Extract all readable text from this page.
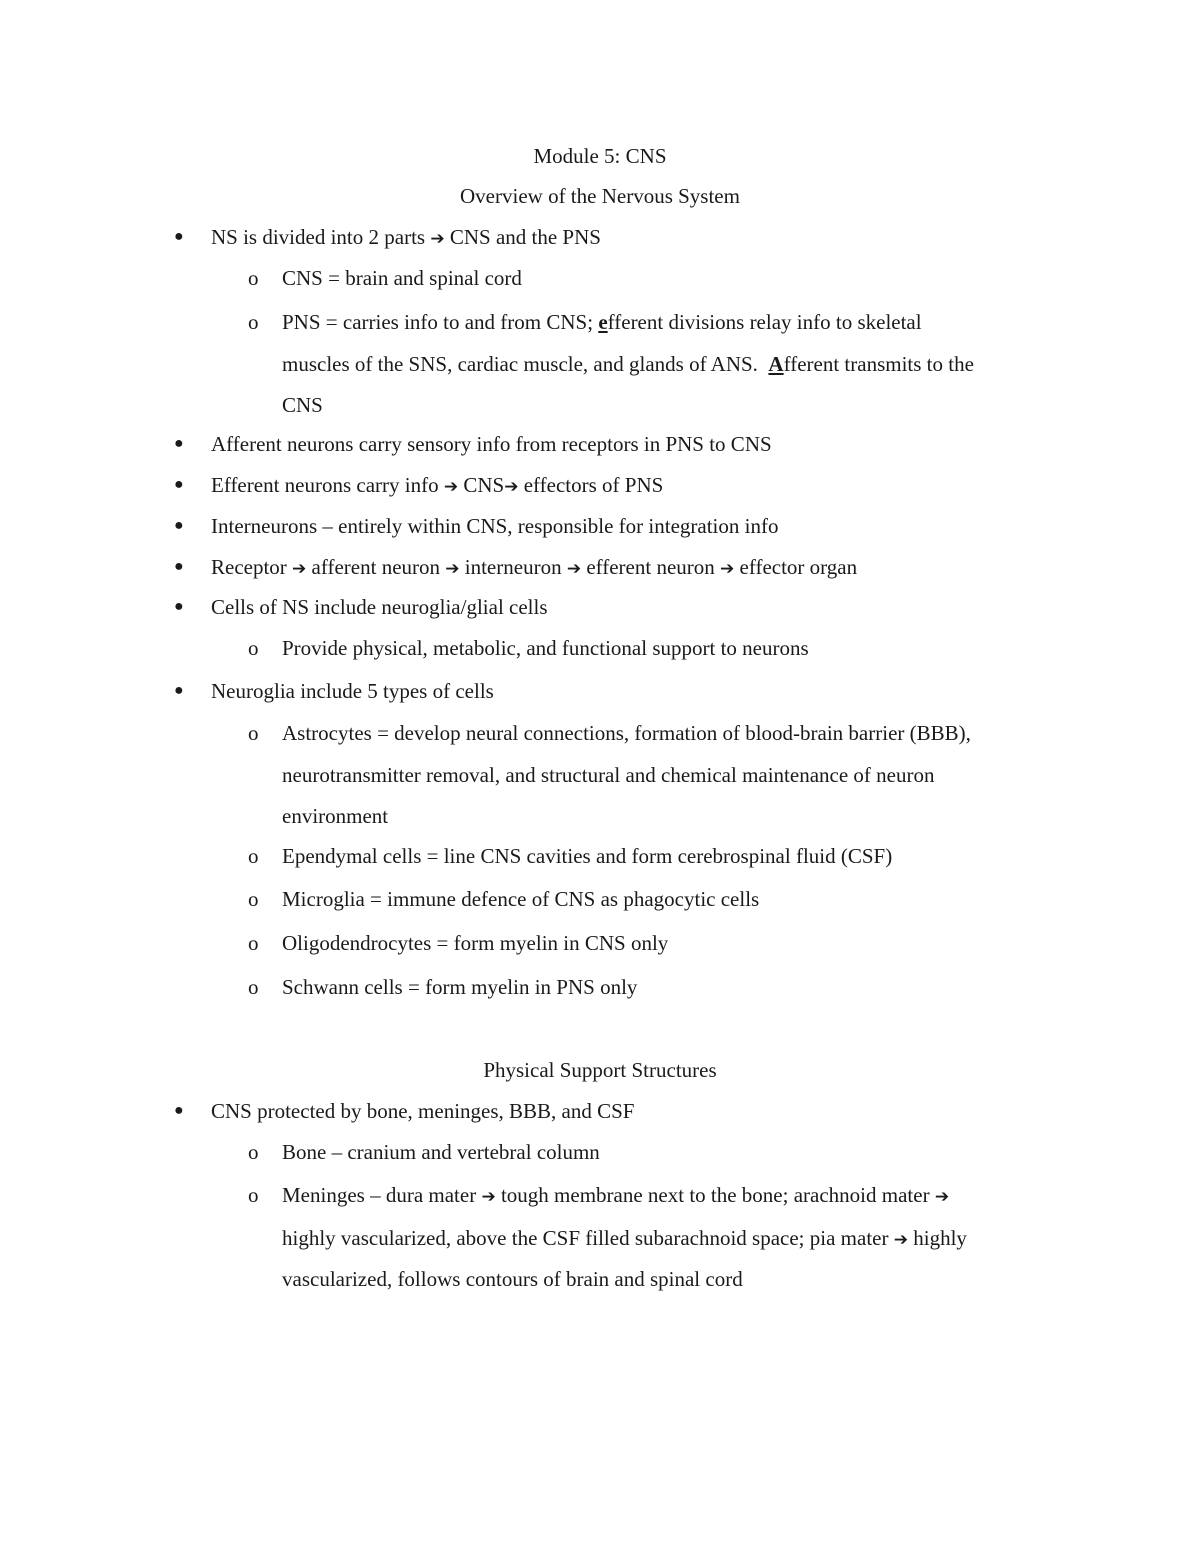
Module 5: CNS
Overview of the Nervous System
● NS is divided into 2 parts ➔ CNS and the PNS
o CNS = brain and spinal cord
o PNS = carries info to and from CNS; efferent divisions relay info to skeletal
muscles of the SNS, cardiac muscle, and glands of ANS.  Afferent transmits to the
CNS
● Afferent neurons carry sensory info from receptors in PNS to CNS
● Efferent neurons carry info ➔ CNS➔ effectors of PNS
● Interneurons – entirely within CNS, responsible for integration info
● Receptor ➔ afferent neuron ➔ interneuron ➔ efferent neuron ➔ effector organ
● Cells of NS include neuroglia/glial cells
o Provide physical, metabolic, and functional support to neurons
● Neuroglia include 5 types of cells
o Astrocytes = develop neural connections, formation of blood-brain barrier (BBB),
neurotransmitter removal, and structural and chemical maintenance of neuron
environment
o Ependymal cells = line CNS cavities and form cerebrospinal fluid (CSF)
o Microglia = immune defence of CNS as phagocytic cells
o Oligodendrocytes = form myelin in CNS only
o Schwann cells = form myelin in PNS only
Physical Support Structures
● CNS protected by bone, meninges, BBB, and CSF
o Bone – cranium and vertebral column
o Meninges – dura mater ➔ tough membrane next to the bone; arachnoid mater ➔
highly vascularized, above the CSF filled subarachnoid space; pia mater ➔ highly
vascularized, follows contours of brain and spinal cord
